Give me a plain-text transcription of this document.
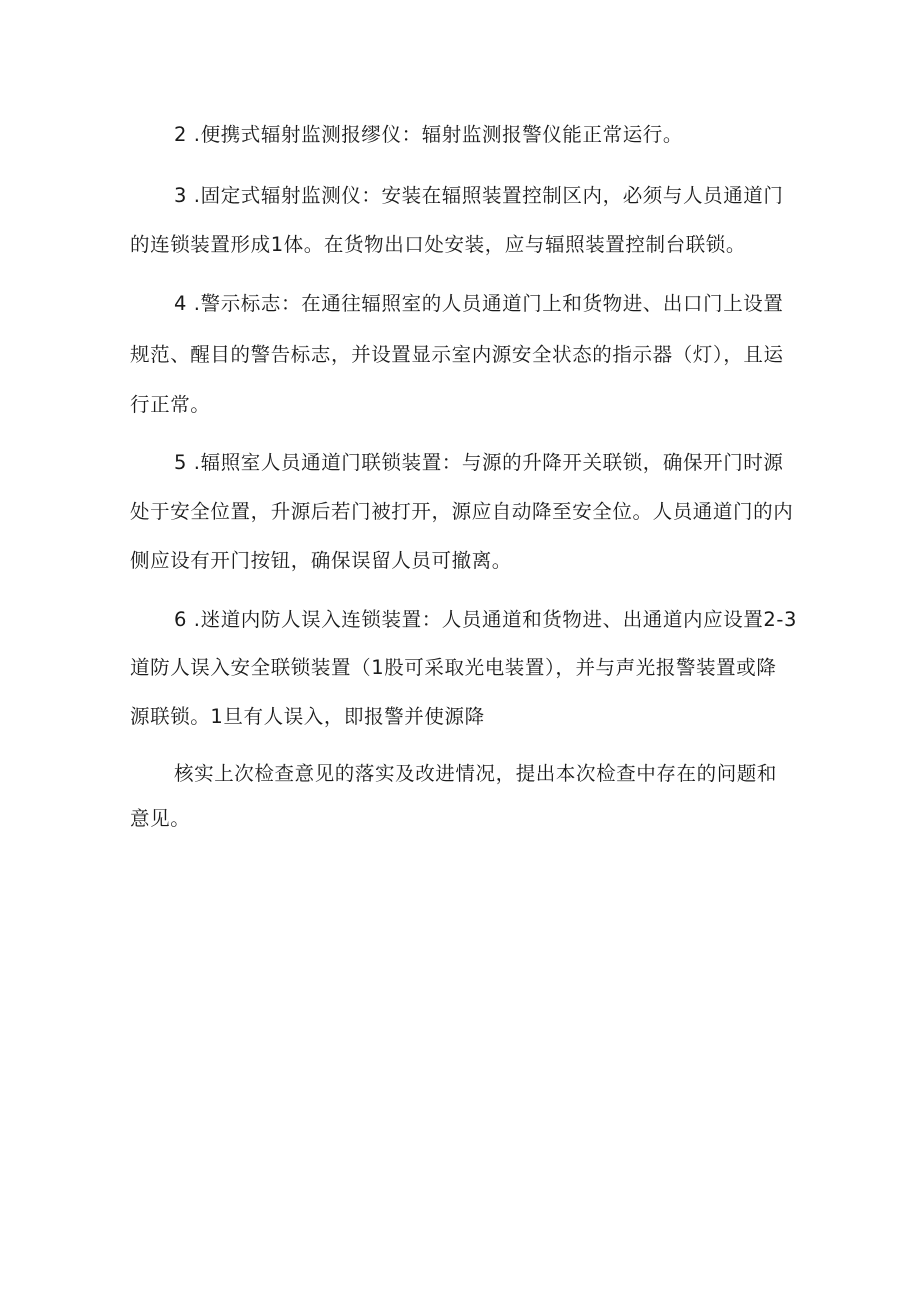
2 .便携式辐射监测报缪仪：辐射监测报警仪能正常运行。
3 .固定式辐射监测仪：安装在辐照装置控制区内，必须与人员通道门
的连锁装置形成1体。在货物出口处安装，应与辐照装置控制台联锁。
4 .警示标志：在通往辐照室的人员通道门上和货物进、出口门上设置
规范、醒目的警告标志，并设置显示室内源安全状态的指示器（灯），且运
行正常。
5 .辐照室人员通道门联锁装置：与源的升降开关联锁，确保开门时源
处于安全位置，升源后若门被打开，源应自动降至安全位。人员通道门的内
侧应设有开门按钮，确保误留人员可撤离。
6 .迷道内防人误入连锁装置：人员通道和货物进、出通道内应设置2-3
道防人误入安全联锁装置（1股可采取光电装置），并与声光报警装置或降
源联锁。1旦有人误入，即报警并使源降
核实上次检查意见的落实及改进情况，提出本次检查中存在的问题和
意见。
